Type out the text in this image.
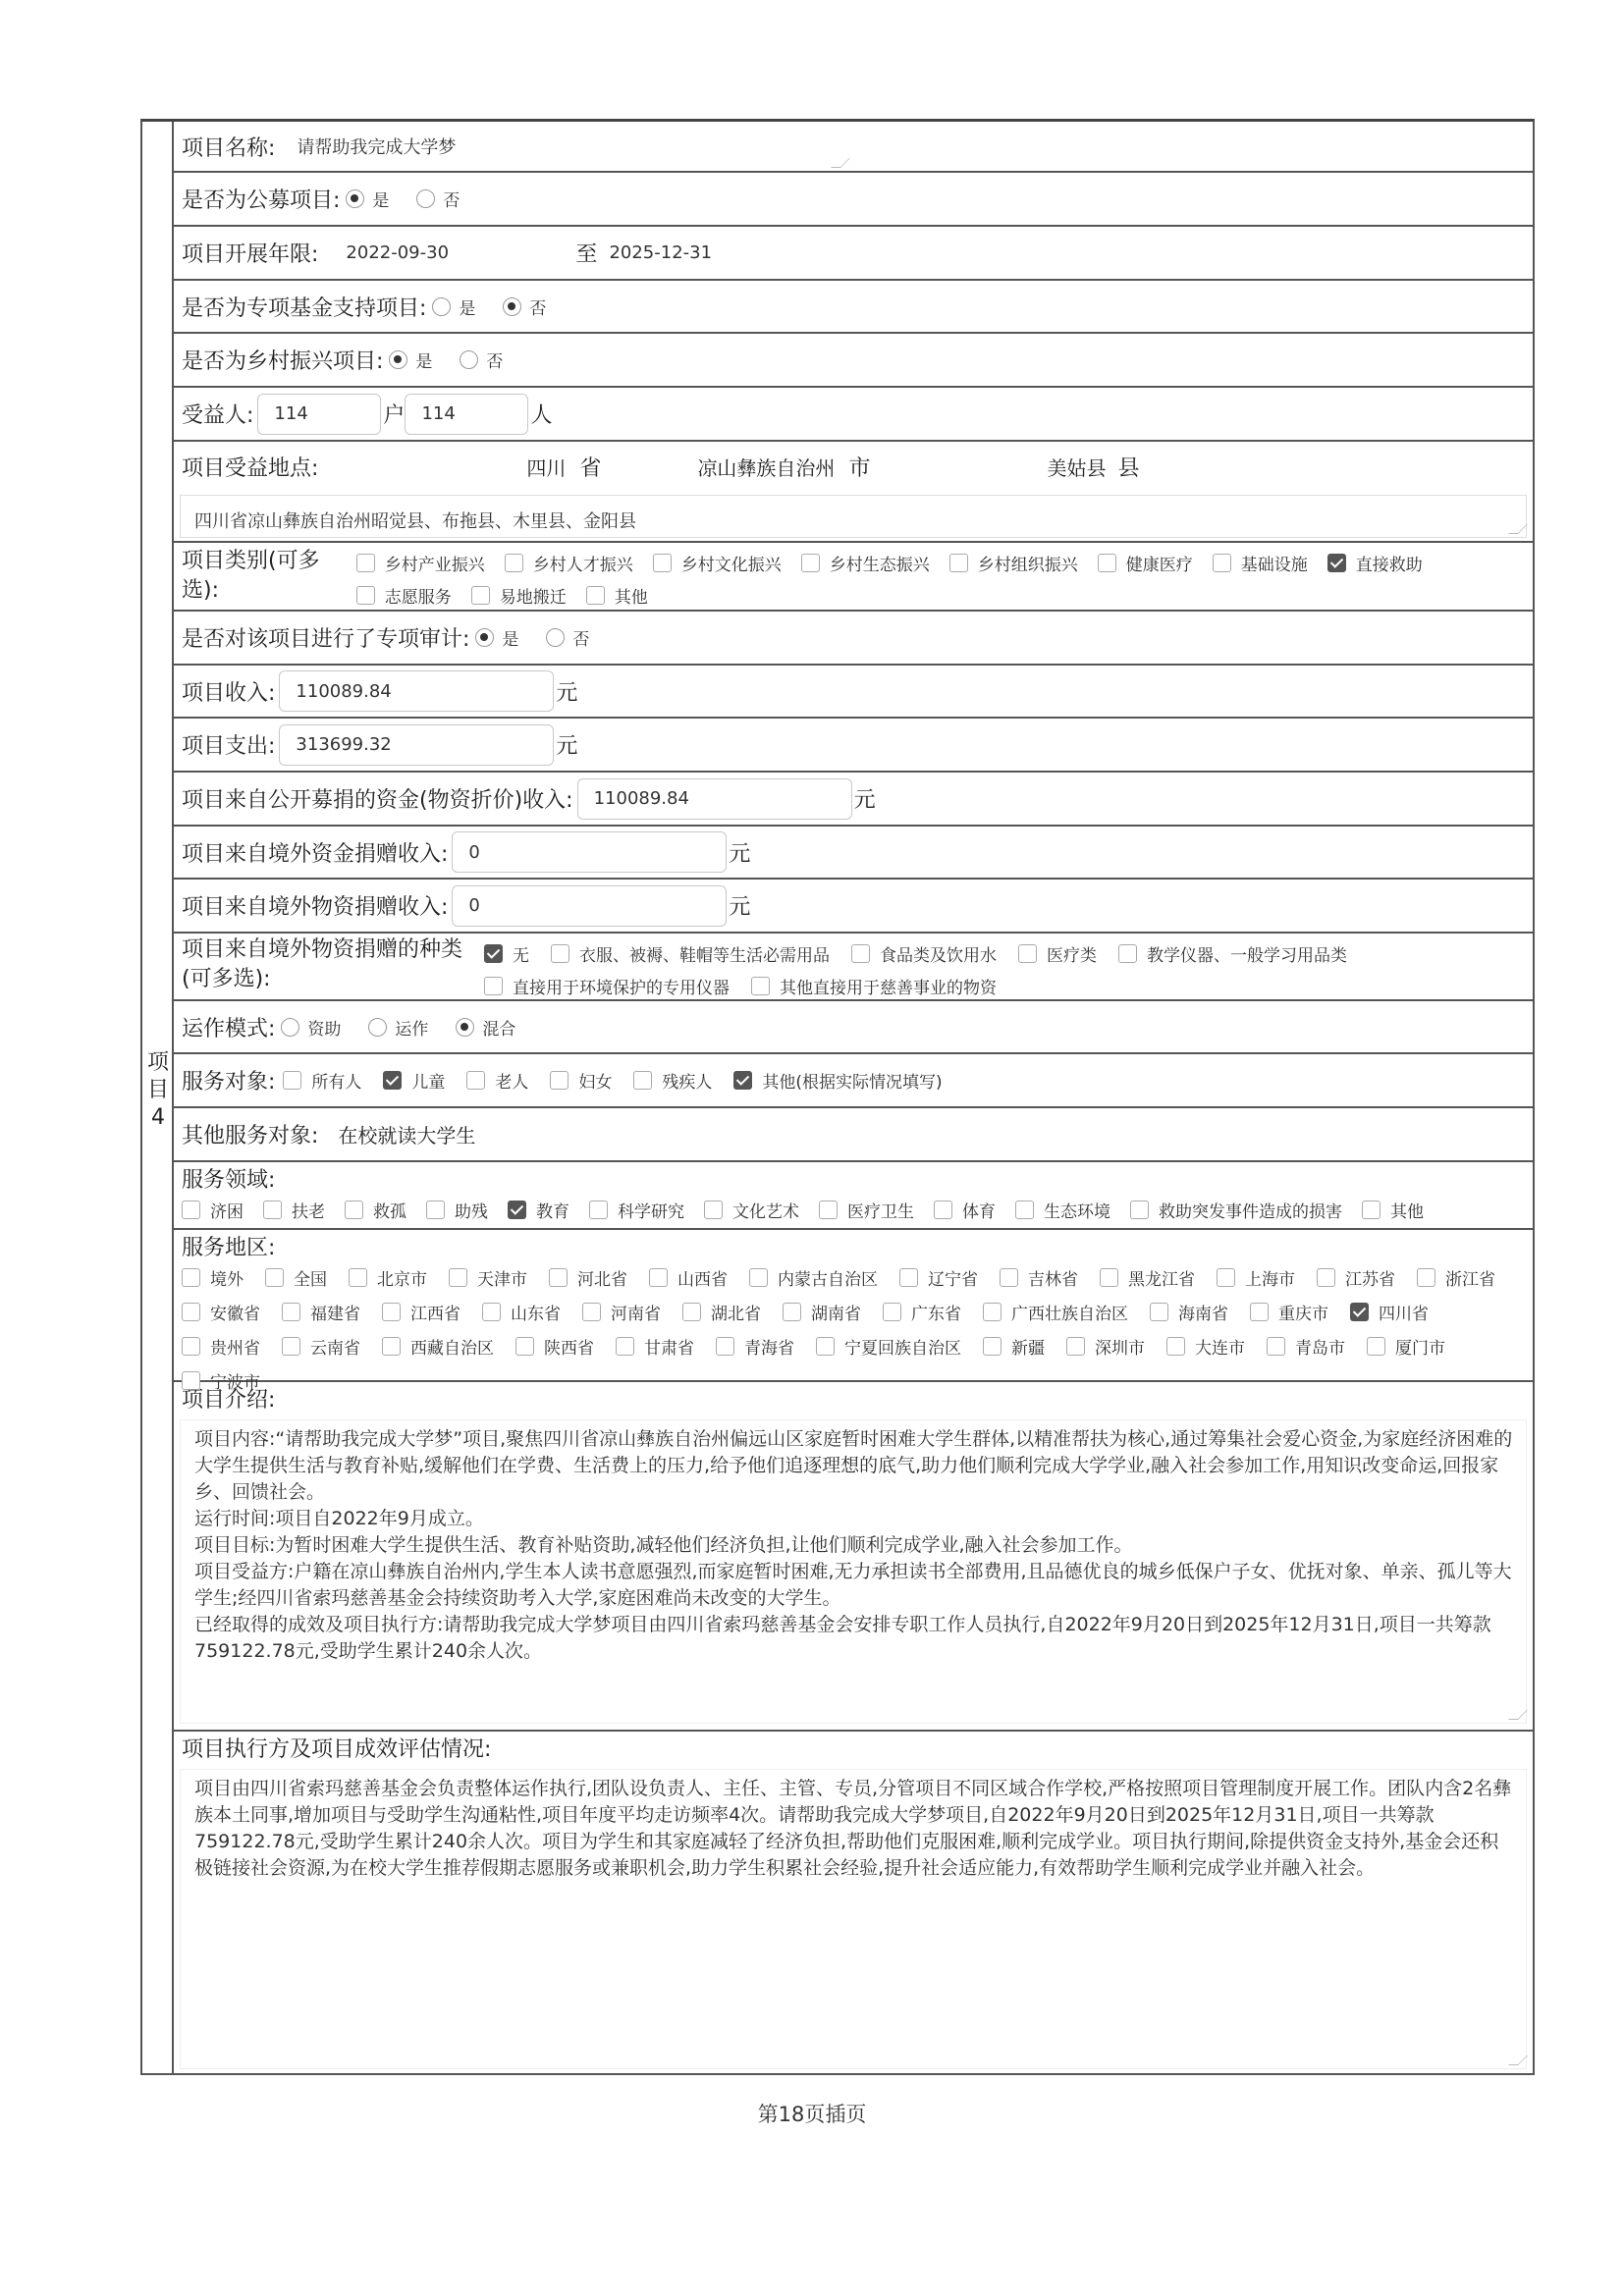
项目4
项目名称: 请帮助我完成大学梦
是否为公募项目: 是	否
项目开展年限: 2022-09-30	至 2025-12-31
是否为专项基金支持项目: 是	否
是否为乡村振兴项目: 是	否
受益人:	114	户 114	人
项目受益地点:	四川 省	凉山彝族自治州 市	美姑县 县
四川省凉山彝族自治州昭觉县、布拖县、木里县、金阳县
项目类别(可多
选):
乡村产业振兴	乡村人才振兴	乡村文化振兴	乡村生态振兴	乡村组织振兴	健康医疗	基础设施	直接救助
志愿服务	易地搬迁	其他
是否对该项目进行了专项审计: 是	否
项目收入:	110089.84	元
项目支出:	313699.32	元
项目来自公开募捐的资金(物资折价)收入:	110089.84	元
项目来自境外资金捐赠收入:	0	元
项目来自境外物资捐赠收入:	0	元
项目来自境外物资捐赠的种类
(可多选):
无	衣服、被褥、鞋帽等生活必需用品	食品类及饮用水	医疗类	教学仪器、一般学习用品类
直接用于环境保护的专用仪器	其他直接用于慈善事业的物资
运作模式: 资助	运作	混合
服务对象: 所有人	儿童	老人	妇女	残疾人	其他(根据实际情况填写)
其他服务对象: 在校就读大学生
服务领域:
济困	扶老	救孤	助残	教育	科学研究	文化艺术	医疗卫生	体育	生态环境	救助突发事件造成的损害	其他
服务地区:
境外	全国	北京市	天津市	河北省	山西省	内蒙古自治区	辽宁省	吉林省	黑龙江省	上海市	江苏省	浙江省
安徽省	福建省	江西省	山东省	河南省	湖北省	湖南省	广东省	广西壮族自治区	海南省	重庆市	四川省
贵州省	云南省	西藏自治区	陕西省	甘肃省	青海省	宁夏回族自治区	新疆	深圳市	大连市	青岛市	厦门市
宁波市
项目介绍:
项目内容:“请帮助我完成大学梦”项目,聚焦四川省凉山彝族自治州偏远山区家庭暂时困难大学生群体,以精准帮扶为核心,通过筹集社会爱心资金,为家庭经济困难的大学生提供生活与教育补贴,缓解他们在学费、生活费上的压力,给予他们追逐理想的底气,助力他们顺利完成大学学业,融入社会参加工作,用知识改变命运,回报家乡、回馈社会。
运行时间:项目自2022年9月成立。
项目目标:为暂时困难大学生提供生活、教育补贴资助,减轻他们经济负担,让他们顺利完成学业,融入社会参加工作。
项目受益方:户籍在凉山彝族自治州内,学生本人读书意愿强烈,而家庭暂时困难,无力承担读书全部费用,且品德优良的城乡低保户子女、优抚对象、单亲、孤儿等大学生;经四川省索玛慈善基金会持续资助考入大学,家庭困难尚未改变的大学生。
已经取得的成效及项目执行方:请帮助我完成大学梦项目由四川省索玛慈善基金会安排专职工作人员执行,自2022年9月20日到2025年12月31日,项目一共筹款759122.78元,受助学生累计240余人次。
项目执行方及项目成效评估情况:
项目由四川省索玛慈善基金会负责整体运作执行,团队设负责人、主任、主管、专员,分管项目不同区域合作学校,严格按照项目管理制度开展工作。团队内含2名彝族本土同事,增加项目与受助学生沟通粘性,项目年度平均走访频率4次。请帮助我完成大学梦项目,自2022年9月20日到2025年12月31日,项目一共筹款759122.78元,受助学生累计240余人次。项目为学生和其家庭减轻了经济负担,帮助他们克服困难,顺利完成学业。项目执行期间,除提供资金支持外,基金会还积极链接社会资源,为在校大学生推荐假期志愿服务或兼职机会,助力学生积累社会经验,提升社会适应能力,有效帮助学生顺利完成学业并融入社会。
第18页插页
